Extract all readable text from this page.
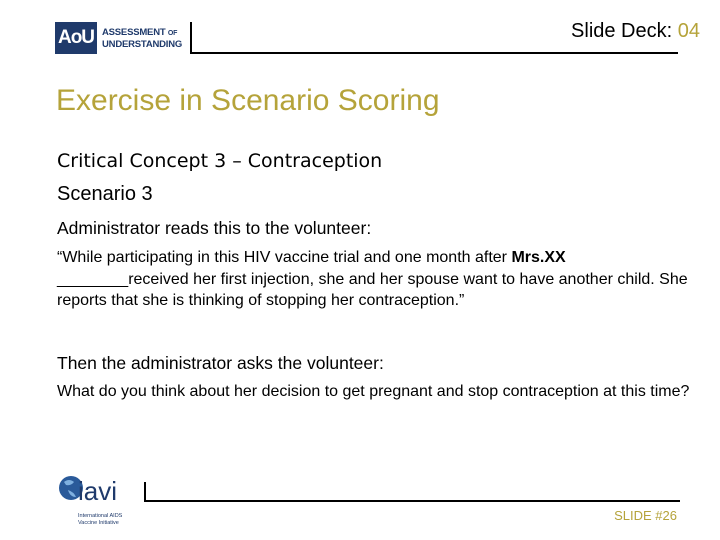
AoU ASSESSMENT OF
UNDERSTANDING
Slide Deck: 04
Exercise in Scenario Scoring
Critical Concept 3 – Contraception
Scenario 3
Administrator reads this to the volunteer:
“While participating in this HIV vaccine trial and one month after Mrs.XX ________received her first injection, she and her spouse want to have another child. She reports that she is thinking of stopping her contraception.”
Then the administrator asks the volunteer:
What do you think about her decision to get pregnant and stop contraception at this time?
iavi
International AIDS
Vaccine Initiative	SLIDE #26
